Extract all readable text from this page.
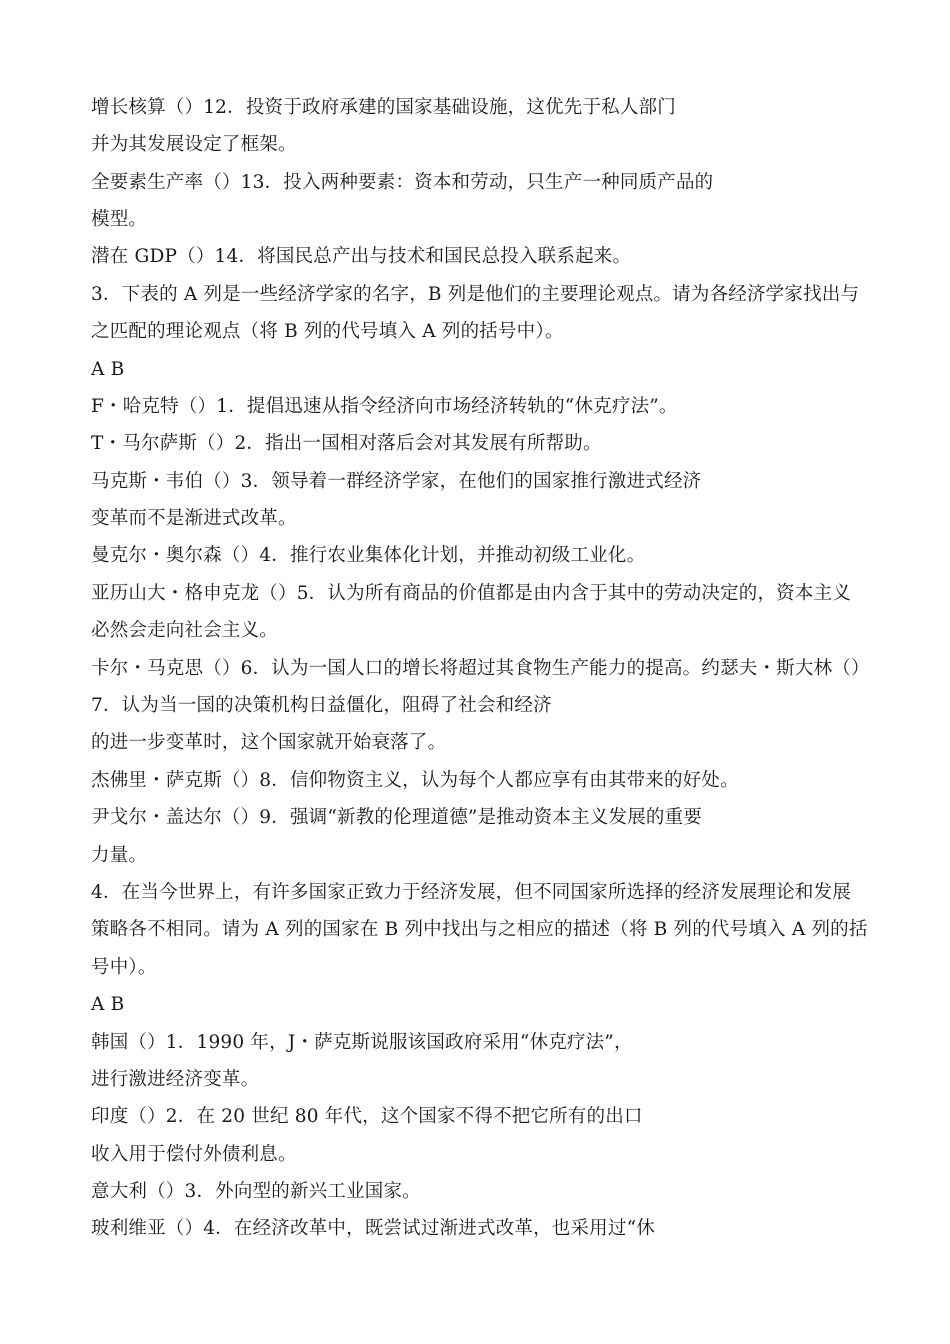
增长核算（）12．投资于政府承建的国家基础设施，这优先于私人部门
并为其发展设定了框架。
全要素生产率（）13．投入两种要素：资本和劳动，只生产一种同质产品的
模型。
潜在 GDP（）14．将国民总产出与技术和国民总投入联系起来。
3．下表的 A 列是一些经济学家的名字，B 列是他们的主要理论观点。请为各经济学家找出与
之匹配的理论观点（将 B 列的代号填入 A 列的括号中）。
A B
F・哈克特（）1．提倡迅速从指令经济向市场经济转轨的“休克疗法”。
T・马尔萨斯（）2．指出一国相对落后会对其发展有所帮助。
马克斯・韦伯（）3．领导着一群经济学家，在他们的国家推行激进式经济
变革而不是渐进式改革。
曼克尔・奥尔森（）4．推行农业集体化计划，并推动初级工业化。
亚历山大・格申克龙（）5．认为所有商品的价值都是由内含于其中的劳动决定的，资本主义
必然会走向社会主义。
卡尔・马克思（）6．认为一国人口的增长将超过其食物生产能力的提高。约瑟夫・斯大林（）
7．认为当一国的决策机构日益僵化，阻碍了社会和经济
的进一步变革时，这个国家就开始衰落了。
杰佛里・萨克斯（）8．信仰物资主义，认为每个人都应享有由其带来的好处。
尹戈尔・盖达尔（）9．强调“新教的伦理道德”是推动资本主义发展的重要
力量。
4．在当今世界上，有许多国家正致力于经济发展，但不同国家所选择的经济发展理论和发展
策略各不相同。请为 A 列的国家在 B 列中找出与之相应的描述（将 B 列的代号填入 A 列的括
号中）。
A B
韩国（）1．1990 年，J・萨克斯说服该国政府采用“休克疗法”，
进行激进经济变革。
印度（）2．在 20 世纪 80 年代，这个国家不得不把它所有的出口
收入用于偿付外债利息。
意大利（）3．外向型的新兴工业国家。
玻利维亚（）4．在经济改革中，既尝试过渐进式改革，也采用过“休
